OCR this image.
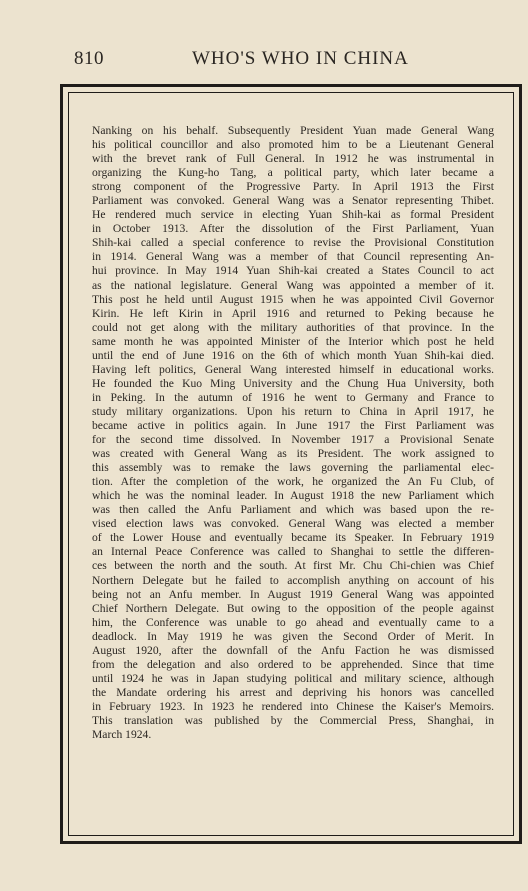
810	WHO'S WHO IN CHINA
Nanking on his behalf. Subsequently President Yuan made General Wang
his political councillor and also promoted him to be a Lieutenant General
with the brevet rank of Full General. In 1912 he was instrumental in
organizing the Kung-ho Tang, a political party, which later became a
strong component of the Progressive Party. In April 1913 the First
Parliament was convoked. General Wang was a Senator representing Thibet.
He rendered much service in electing Yuan Shih-kai as formal President
in October 1913. After the dissolution of the First Parliament, Yuan
Shih-kai called a special conference to revise the Provisional Constitution
in 1914. General Wang was a member of that Council representing An-
hui province. In May 1914 Yuan Shih-kai created a States Council to act
as the national legislature. General Wang was appointed a member of it.
This post he held until August 1915 when he was appointed Civil Governor
Kirin. He left Kirin in April 1916 and returned to Peking because he
could not get along with the military authorities of that province. In the
same month he was appointed Minister of the Interior which post he held
until the end of June 1916 on the 6th of which month Yuan Shih-kai died.
Having left politics, General Wang interested himself in educational works.
He founded the Kuo Ming University and the Chung Hua University, both
in Peking. In the autumn of 1916 he went to Germany and France to
study military organizations. Upon his return to China in April 1917, he
became active in politics again. In June 1917 the First Parliament was
for the second time dissolved. In November 1917 a Provisional Senate
was created with General Wang as its President. The work assigned to
this assembly was to remake the laws governing the parliamental elec-
tion. After the completion of the work, he organized the An Fu Club, of
which he was the nominal leader. In August 1918 the new Parliament which
was then called the Anfu Parliament and which was based upon the re-
vised election laws was convoked. General Wang was elected a member
of the Lower House and eventually became its Speaker. In February 1919
an Internal Peace Conference was called to Shanghai to settle the differen-
ces between the north and the south. At first Mr. Chu Chi-chien was Chief
Northern Delegate but he failed to accomplish anything on account of his
being not an Anfu member. In August 1919 General Wang was appointed
Chief Northern Delegate. But owing to the opposition of the people against
him, the Conference was unable to go ahead and eventually came to a
deadlock. In May 1919 he was given the Second Order of Merit. In
August 1920, after the downfall of the Anfu Faction he was dismissed
from the delegation and also ordered to be apprehended. Since that time
until 1924 he was in Japan studying political and military science, although
the Mandate ordering his arrest and depriving his honors was cancelled
in February 1923. In 1923 he rendered into Chinese the Kaiser's Memoirs.
This translation was published by the Commercial Press, Shanghai, in
March 1924.
